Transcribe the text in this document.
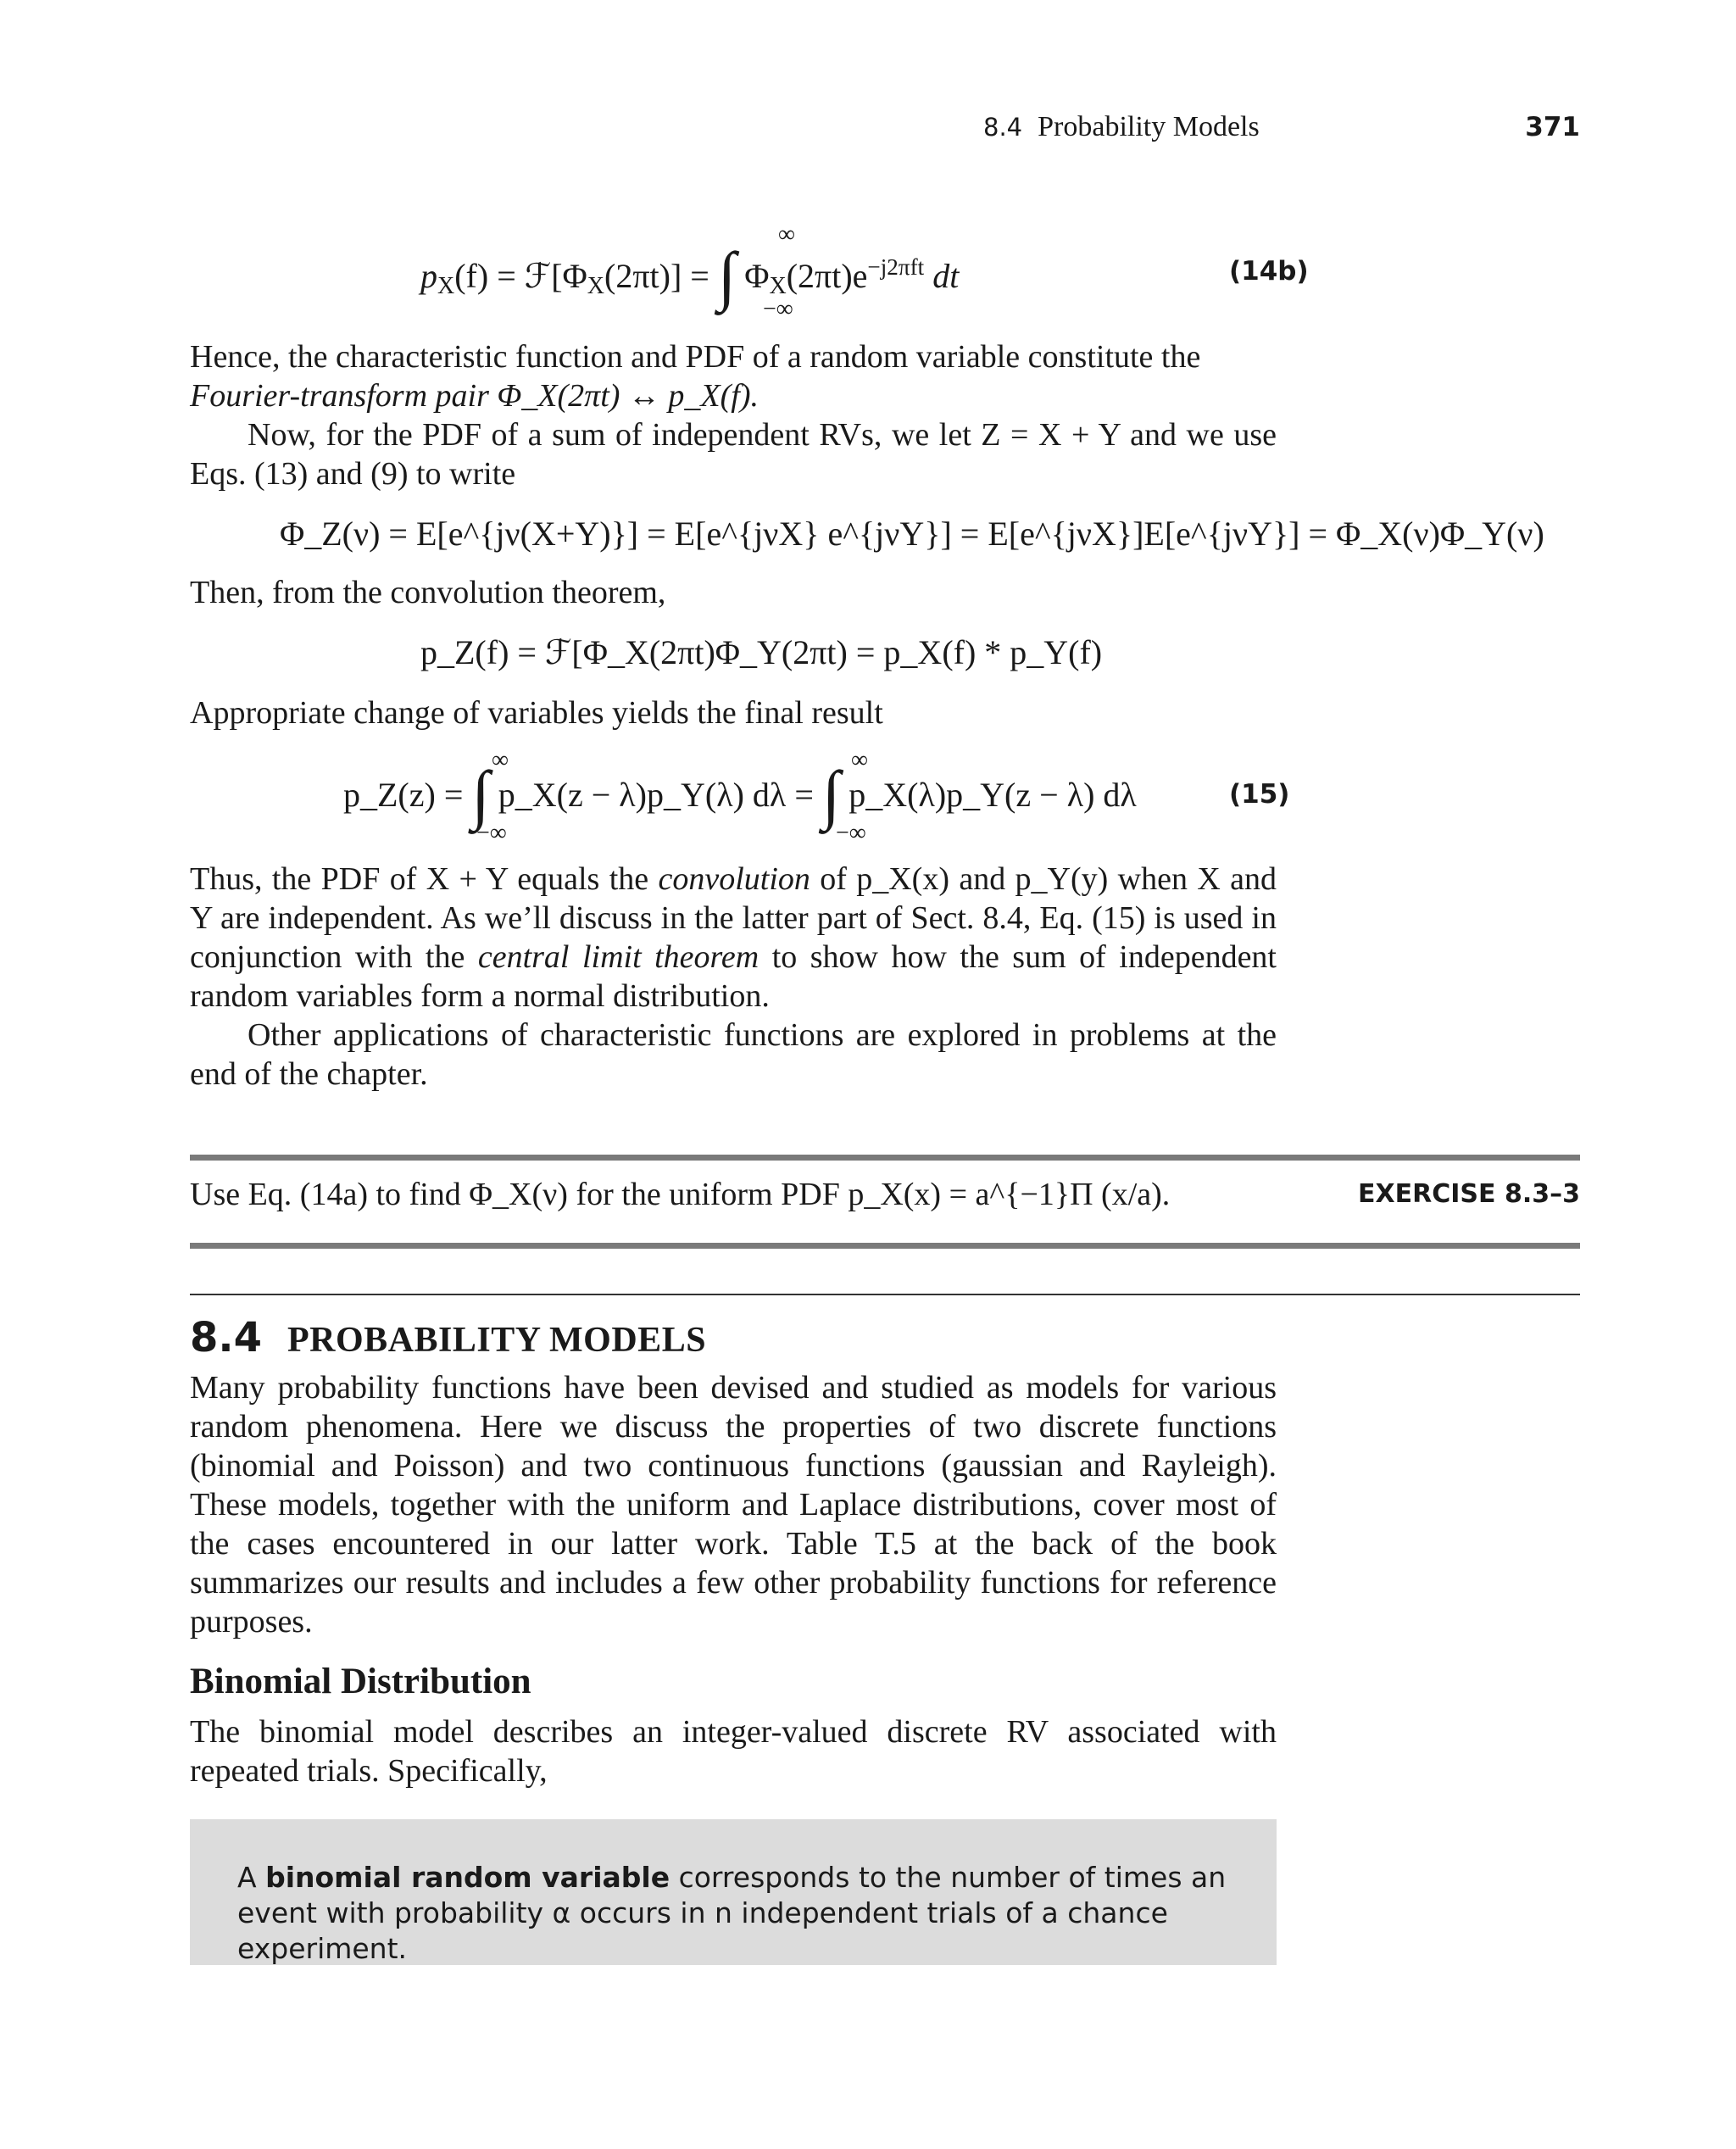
8.4 Probability Models	371
$p_X(f)$ = $ℱ[\Phi_X(2\pi t)]$ = ∫ $\Phi_X(2\pi t)e^{-j2\pi ft}$ dt
∞
−∞
(14b)
Hence, the characteristic function and PDF of a random variable constitute the
Fourier-transform pair Φ_X(2πt) ↔ p_X(f).
Now, for the PDF of a sum of independent RVs, we let Z = X + Y and we use Eqs. (13) and (9) to write
Φ_Z(ν) = E[e^{jν(X+Y)}] = E[e^{jνX} e^{jνY}] = E[e^{jνX}]E[e^{jνY}] = Φ_X(ν)Φ_Y(ν)
Then, from the convolution theorem,
p_Z(f) = ℱ[Φ_X(2πt)Φ_Y(2πt) = p_X(f) * p_Y(f)
Appropriate change of variables yields the final result
p_Z(z) = ∫ p_X(z − λ)p_Y(λ) dλ = ∫ p_X(λ)p_Y(z − λ) dλ
∞
−∞
∞
−∞
(15)
Thus, the PDF of X + Y equals the convolution of p_X(x) and p_Y(y) when X and Y are independent. As we’ll discuss in the latter part of Sect. 8.4, Eq. (15) is used in conjunction with the central limit theorem to show how the sum of independent random variables form a normal distribution.
Other applications of characteristic functions are explored in problems at the end of the chapter.
Use Eq. (14a) to find Φ_X(ν) for the uniform PDF p_X(x) = a^{−1}Π (x/a).	EXERCISE 8.3–3
8.4 PROBABILITY MODELS
Many probability functions have been devised and studied as models for various random phenomena. Here we discuss the properties of two discrete functions (binomial and Poisson) and two continuous functions (gaussian and Rayleigh). These models, together with the uniform and Laplace distributions, cover most of the cases encountered in our latter work. Table T.5 at the back of the book summarizes our results and includes a few other probability functions for reference purposes.
Binomial Distribution
The binomial model describes an integer-valued discrete RV associated with repeated trials. Specifically,
A binomial random variable corresponds to the number of times an event with probability α occurs in n independent trials of a chance experiment.
